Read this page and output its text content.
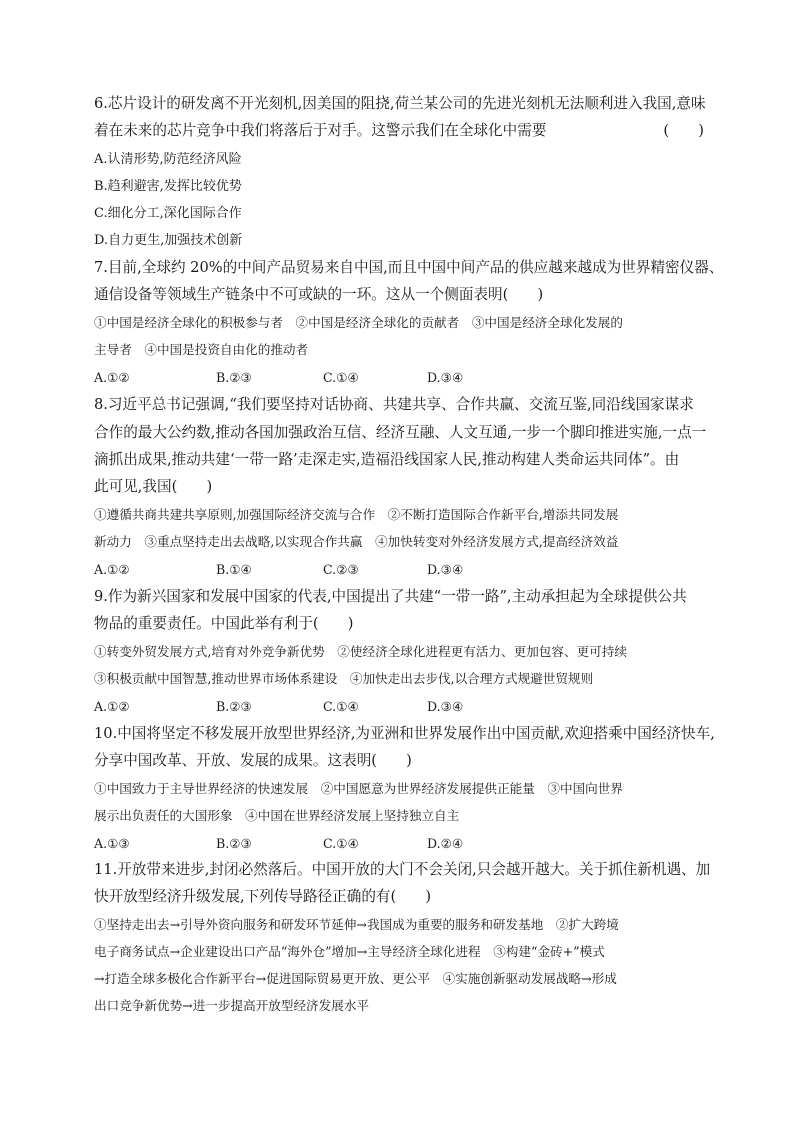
6.芯片设计的研发离不开光刻机,因美国的阻挠,荷兰某公司的先进光刻机无法顺利进入我国,意味
着在未来的芯片竞争中我们将落后于对手。这警示我们在全球化中需要	(　　)
A.认清形势,防范经济风险
B.趋利避害,发挥比较优势
C.细化分工,深化国际合作
D.自力更生,加强技术创新
7.目前,全球约 20%的中间产品贸易来自中国,而且中国中间产品的供应越来越成为世界精密仪器、
通信设备等领域生产链条中不可或缺的一环。这从一个侧面表明(　　)
①中国是经济全球化的积极参与者　②中国是经济全球化的贡献者　③中国是经济全球化发展的
主导者　④中国是投资自由化的推动者
A.①②	B.②③	C.①④	D.③④
8.习近平总书记强调,“我们要坚持对话协商、共建共享、合作共赢、交流互鉴,同沿线国家谋求
合作的最大公约数,推动各国加强政治互信、经济互融、人文互通,一步一个脚印推进实施,一点一
滴抓出成果,推动共建‘一带一路’走深走实,造福沿线国家人民,推动构建人类命运共同体”。由
此可见,我国(　　)
①遵循共商共建共享原则,加强国际经济交流与合作　②不断打造国际合作新平台,增添共同发展
新动力　③重点坚持走出去战略,以实现合作共赢　④加快转变对外经济发展方式,提高经济效益
A.①②	B.①④	C.②③	D.③④
9.作为新兴国家和发展中国家的代表,中国提出了共建“一带一路”,主动承担起为全球提供公共
物品的重要责任。中国此举有利于(　　)
①转变外贸发展方式,培育对外竞争新优势　②使经济全球化进程更有活力、更加包容、更可持续
③积极贡献中国智慧,推动世界市场体系建设　④加快走出去步伐,以合理方式规避世贸规则
A.①②	B.②③	C.①④	D.③④
10.中国将坚定不移发展开放型世界经济,为亚洲和世界发展作出中国贡献,欢迎搭乘中国经济快车,
分享中国改革、开放、发展的成果。这表明(　　)
①中国致力于主导世界经济的快速发展　②中国愿意为世界经济发展提供正能量　③中国向世界
展示出负责任的大国形象　④中国在世界经济发展上坚持独立自主
A.①③	B.②③	C.①④	D.②④
11.开放带来进步,封闭必然落后。中国开放的大门不会关闭,只会越开越大。关于抓住新机遇、加
快开放型经济升级发展,下列传导路径正确的有(　　)
①坚持走出去→引导外资向服务和研发环节延伸→我国成为重要的服务和研发基地　②扩大跨境
电子商务试点→企业建设出口产品“海外仓”增加→主导经济全球化进程　③构建“金砖+”模式
→打造全球多极化合作新平台→促进国际贸易更开放、更公平　④实施创新驱动发展战略→形成
出口竞争新优势→进一步提高开放型经济发展水平
